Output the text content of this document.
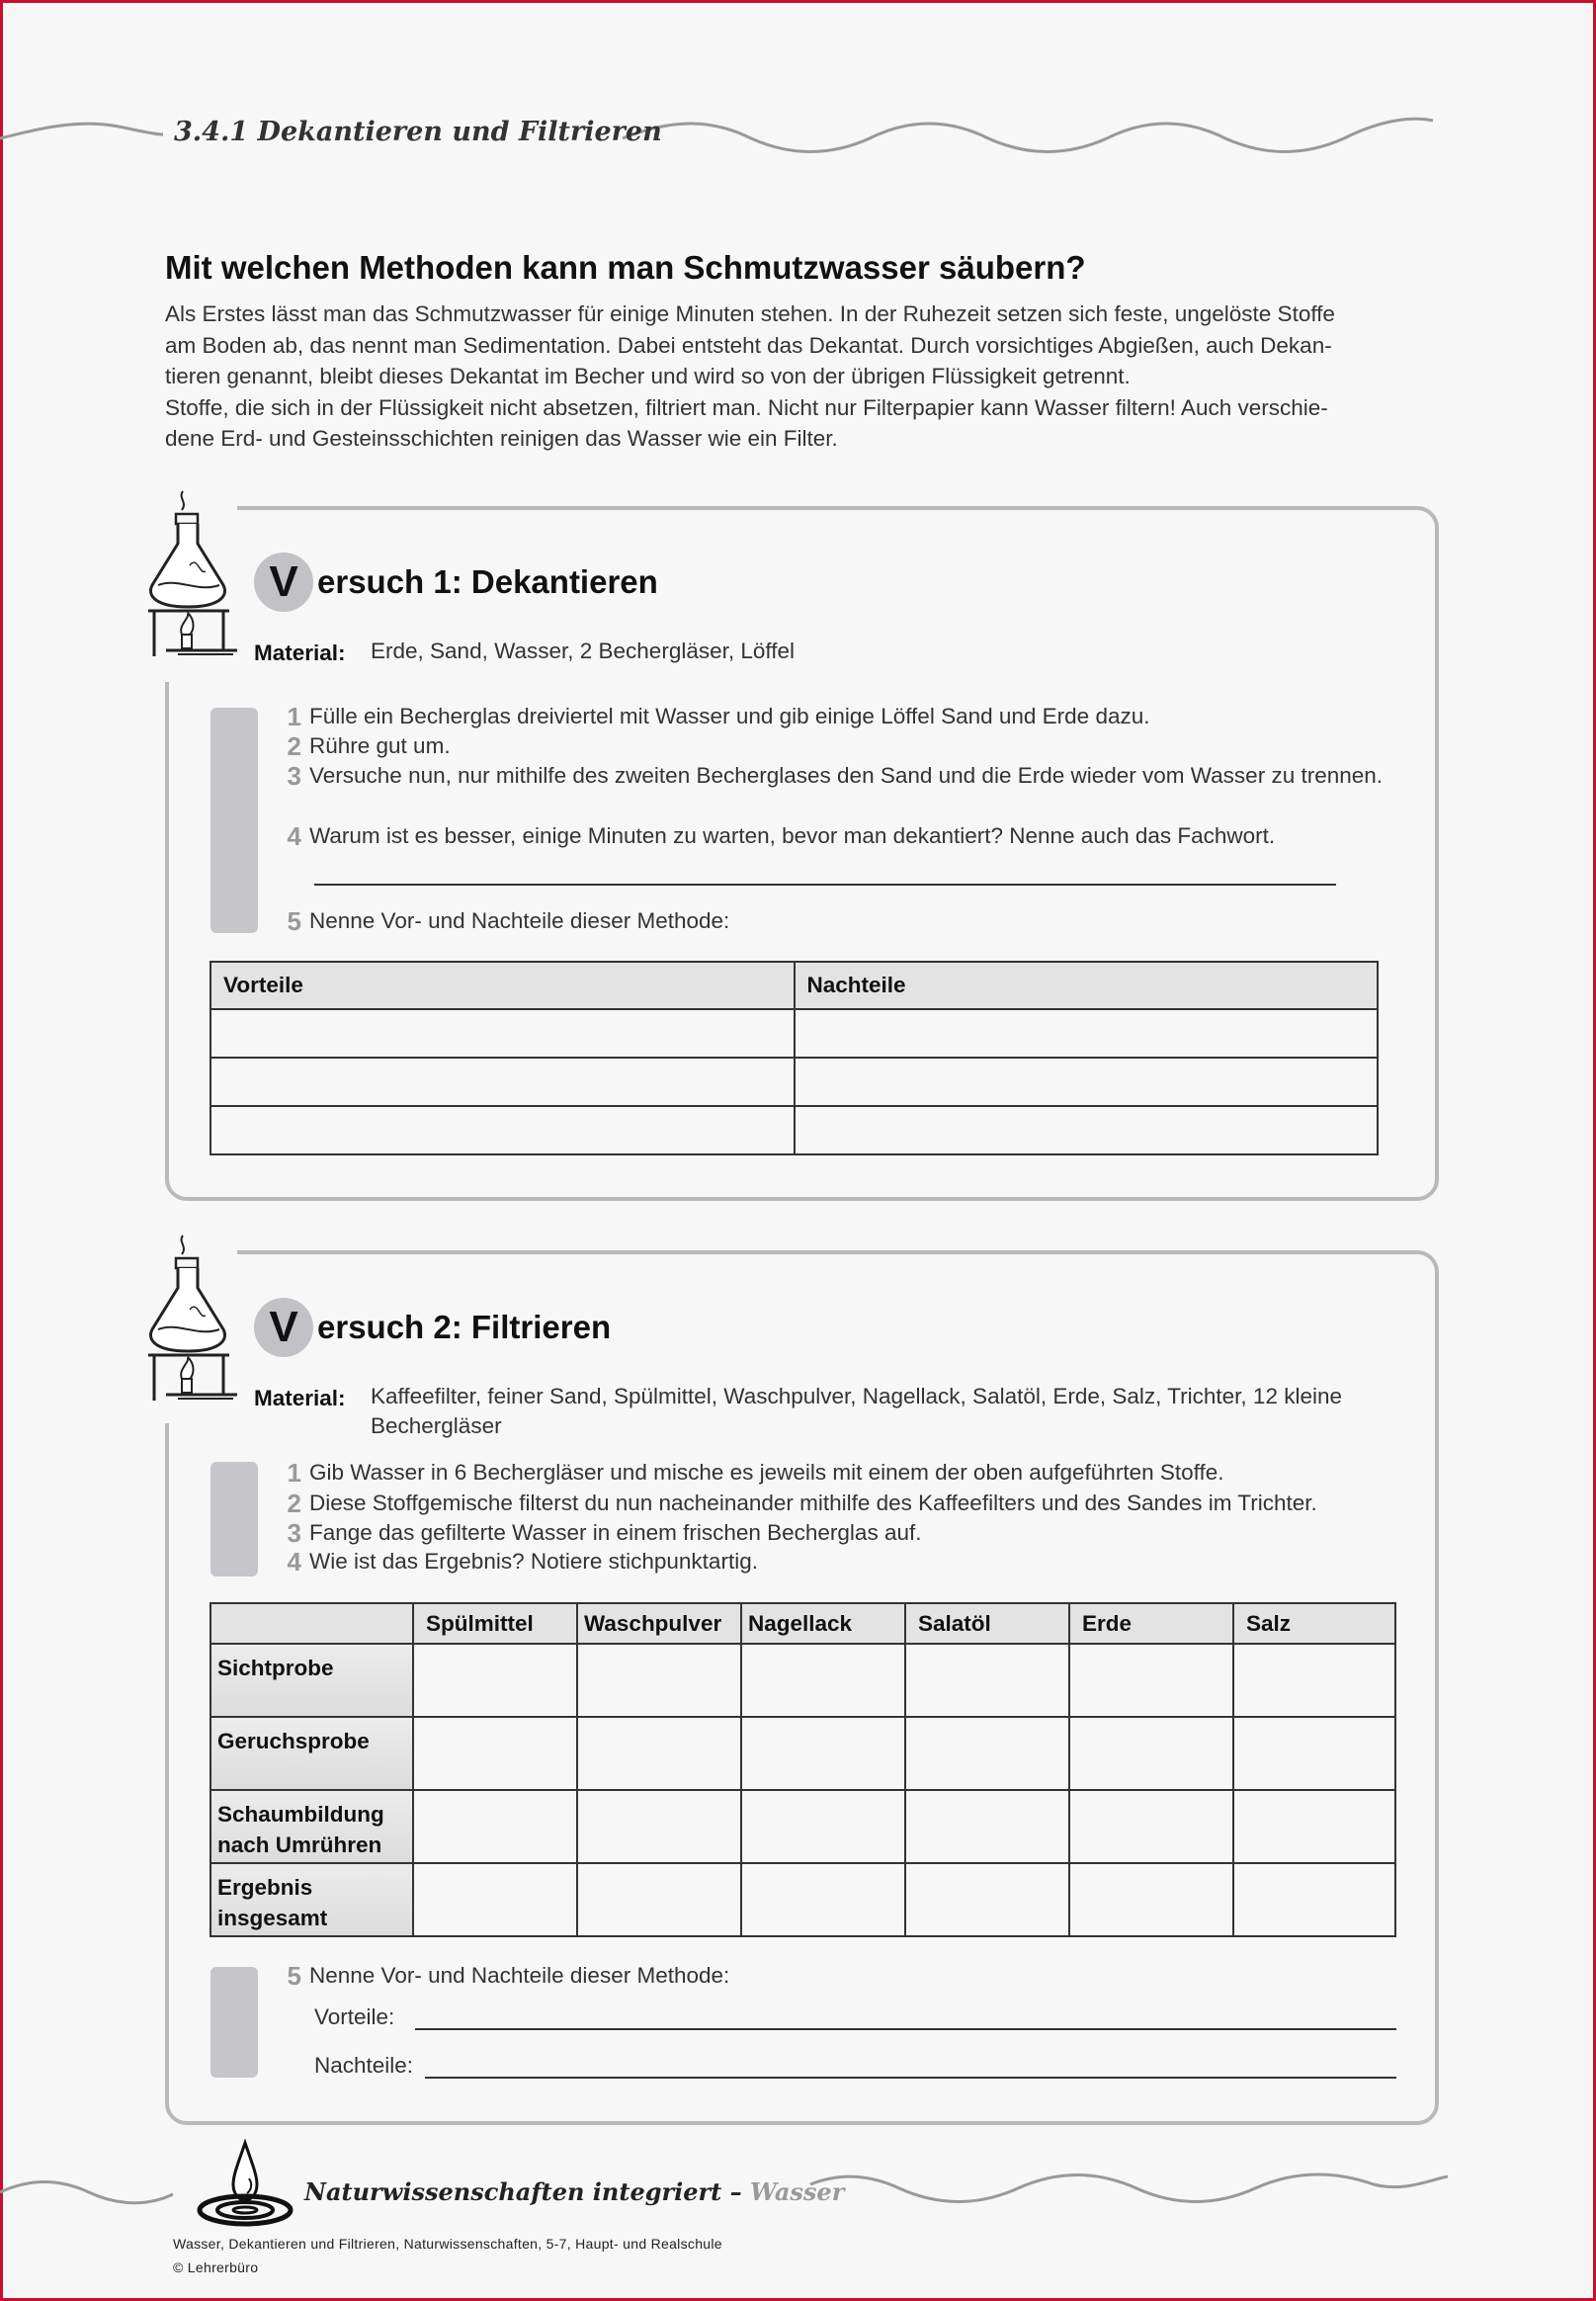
3.4.1 Dekantieren und Filtrieren
Mit welchen Methoden kann man Schmutzwasser säubern?

Als Erstes lässt man das Schmutzwasser für einige Minuten stehen. In der Ruhezeit setzen sich feste, ungelöste Stoffe

am Boden ab, das nennt man Sedimentation. Dabei entsteht das Dekantat. Durch vorsichtiges Abgießen, auch Dekan-

tieren genannt, bleibt dieses Dekantat im Becher und wird so von der übrigen Flüssigkeit getrennt.

Stoffe, die sich in der Flüssigkeit nicht absetzen, filtriert man. Nicht nur Filterpapier kann Wasser filtern! Auch verschie-

dene Erd- und Gesteinsschichten reinigen das Wasser wie ein Filter.

V ersuch 1: Dekantieren
Material:	Erde, Sand, Wasser, 2 Bechergläser, Löffel
1 Fülle ein Becherglas dreiviertel mit Wasser und gib einige Löffel Sand und Erde dazu.
2 Rühre gut um.
3 Versuche nun, nur mithilfe des zweiten Becherglases den Sand und die Erde wieder vom Wasser zu trennen.
4 Warum ist es besser, einige Minuten zu warten, bevor man dekantiert? Nenne auch das Fachwort.
5 Nenne Vor- und Nachteile dieser Methode:
Vorteile	Nachteile

V ersuch 2: Filtrieren
Material:	Kaffeefilter, feiner Sand, Spülmittel, Waschpulver, Nagellack, Salatöl, Erde, Salz, Trichter, 12 kleine Bechergläser
1 Gib Wasser in 6 Bechergläser und mische es jeweils mit einem der oben aufgeführten Stoffe.
2 Diese Stoffgemische filterst du nun nacheinander mithilfe des Kaffeefilters und des Sandes im Trichter.
3 Fange das gefilterte Wasser in einem frischen Becherglas auf.
4 Wie ist das Ergebnis? Notiere stichpunktartig.
	Spülmittel	Waschpulver	Nagellack	Salatöl	Erde	Salz

Sichtprobe						

Geruchsprobe						

Schaumbildung
nach Umrühren						

Ergebnis
insgesamt						

5 Nenne Vor- und Nachteile dieser Methode:
Vorteile:
Nachteile:
Naturwissenschaften integriert – Wasser
Wasser, Dekantieren und Filtrieren, Naturwissenschaften, 5-7, Haupt- und Realschule
© Lehrerbüro
